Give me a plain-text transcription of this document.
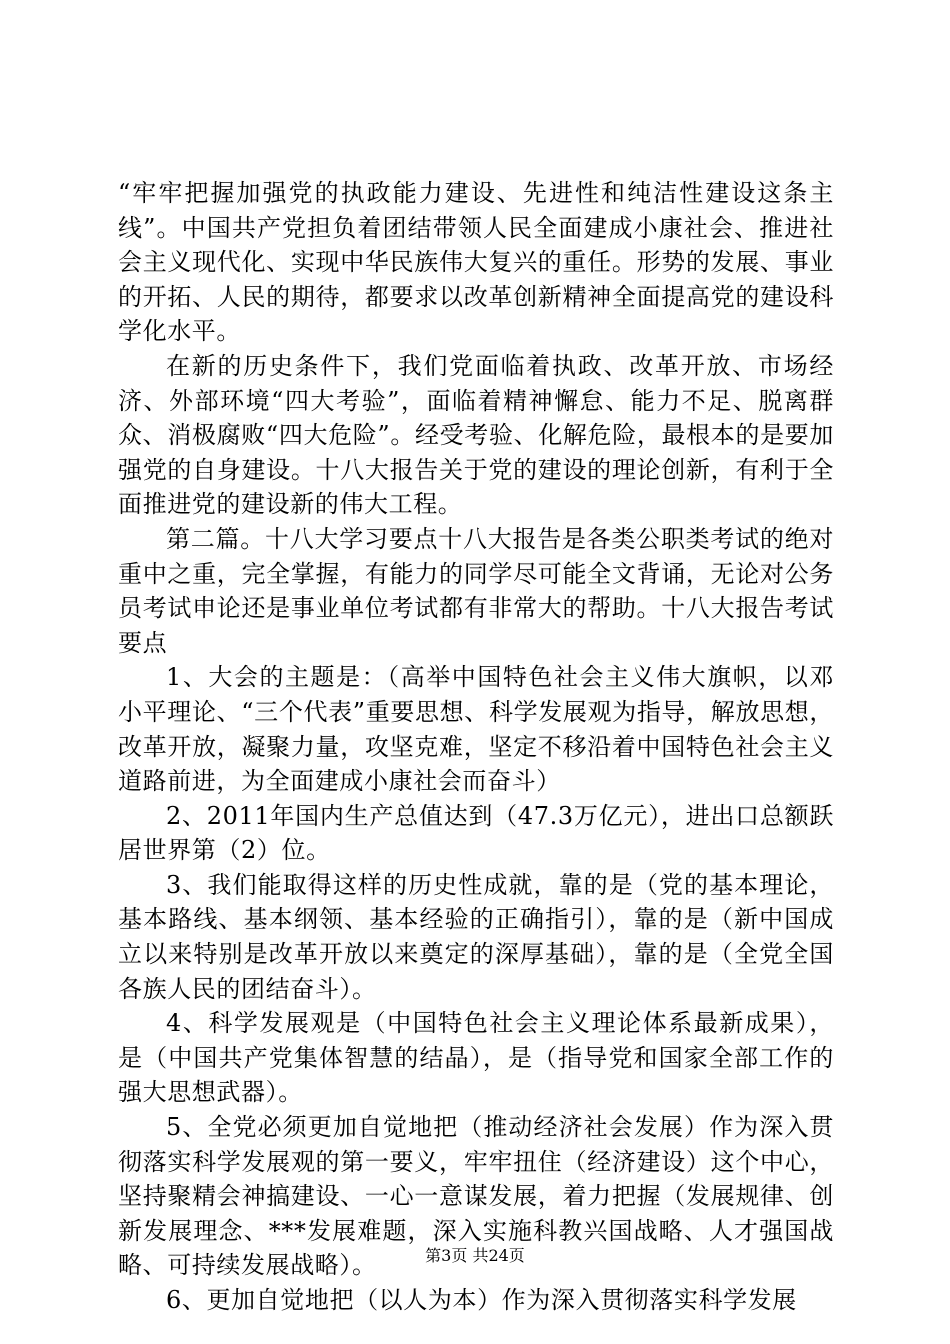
“牢牢把握加强党的执政能力建设、先进性和纯洁性建设这条主线”。中国共产党担负着团结带领人民全面建成小康社会、推进社会主义现代化、实现中华民族伟大复兴的重任。形势的发展、事业的开拓、人民的期待，都要求以改革创新精神全面提高党的建设科学化水平。

在新的历史条件下，我们党面临着执政、改革开放、市场经济、外部环境“四大考验”，面临着精神懈怠、能力不足、脱离群众、消极腐败“四大危险”。经受考验、化解危险，最根本的是要加强党的自身建设。十八大报告关于党的建设的理论创新，有利于全面推进党的建设新的伟大工程。

第二篇。十八大学习要点十八大报告是各类公职类考试的绝对重中之重，完全掌握，有能力的同学尽可能全文背诵，无论对公务员考试申论还是事业单位考试都有非常大的帮助。十八大报告考试要点

1、大会的主题是：（高举中国特色社会主义伟大旗帜，以邓小平理论、“三个代表”重要思想、科学发展观为指导，解放思想，改革开放，凝聚力量，攻坚克难，坚定不移沿着中国特色社会主义道路前进，为全面建成小康社会而奋斗）

2、2011年国内生产总值达到（47.3万亿元），进出口总额跃居世界第（2）位。

3、我们能取得这样的历史性成就，靠的是（党的基本理论，基本路线、基本纲领、基本经验的正确指引），靠的是（新中国成立以来特别是改革开放以来奠定的深厚基础），靠的是（全党全国各族人民的团结奋斗）。

4、科学发展观是（中国特色社会主义理论体系最新成果），是（中国共产党集体智慧的结晶），是（指导党和国家全部工作的强大思想武器）。

5、全党必须更加自觉地把（推动经济社会发展）作为深入贯彻落实科学发展观的第一要义，牢牢扭住（经济建设）这个中心，坚持聚精会神搞建设、一心一意谋发展，着力把握（发展规律、创新发展理念、***发展难题，深入实施科教兴国战略、人才强国战略、可持续发展战略）。

6、更加自觉地把（以人为本）作为深入贯彻落实科学发展

第3页 共24页
